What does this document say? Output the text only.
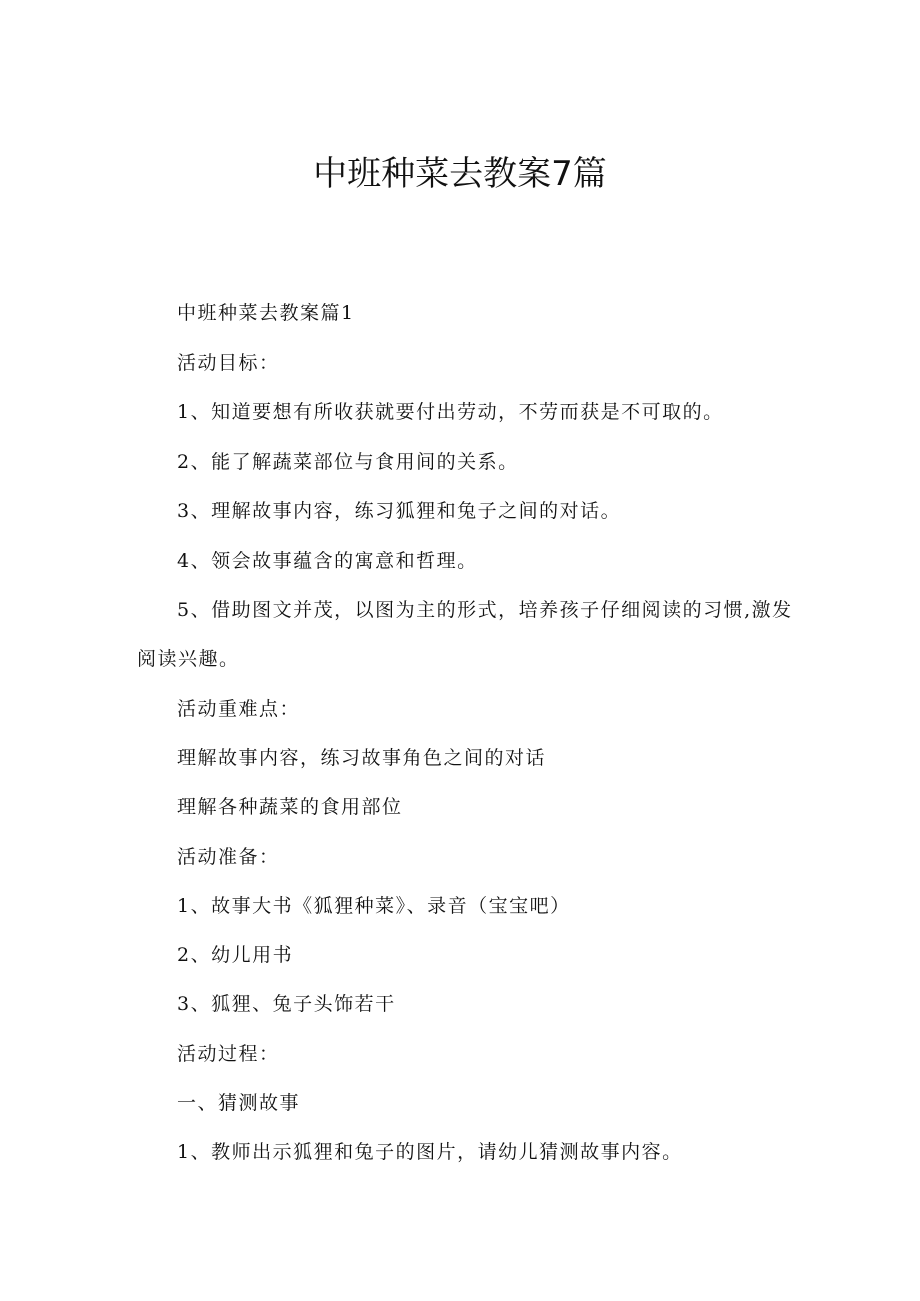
中班种菜去教案7篇
中班种菜去教案篇1
活动目标：
1、知道要想有所收获就要付出劳动，不劳而获是不可取的。
2、能了解蔬菜部位与食用间的关系。
3、理解故事内容，练习狐狸和兔子之间的对话。
4、领会故事蕴含的寓意和哲理。
5、借助图文并茂，以图为主的形式，培养孩子仔细阅读的习惯,激发
阅读兴趣。
活动重难点：
理解故事内容，练习故事角色之间的对话
理解各种蔬菜的食用部位
活动准备：
1、故事大书《狐狸种菜》、录音（宝宝吧）
2、幼儿用书
3、狐狸、兔子头饰若干
活动过程：
一、猜测故事
1、教师出示狐狸和兔子的图片，请幼儿猜测故事内容。
